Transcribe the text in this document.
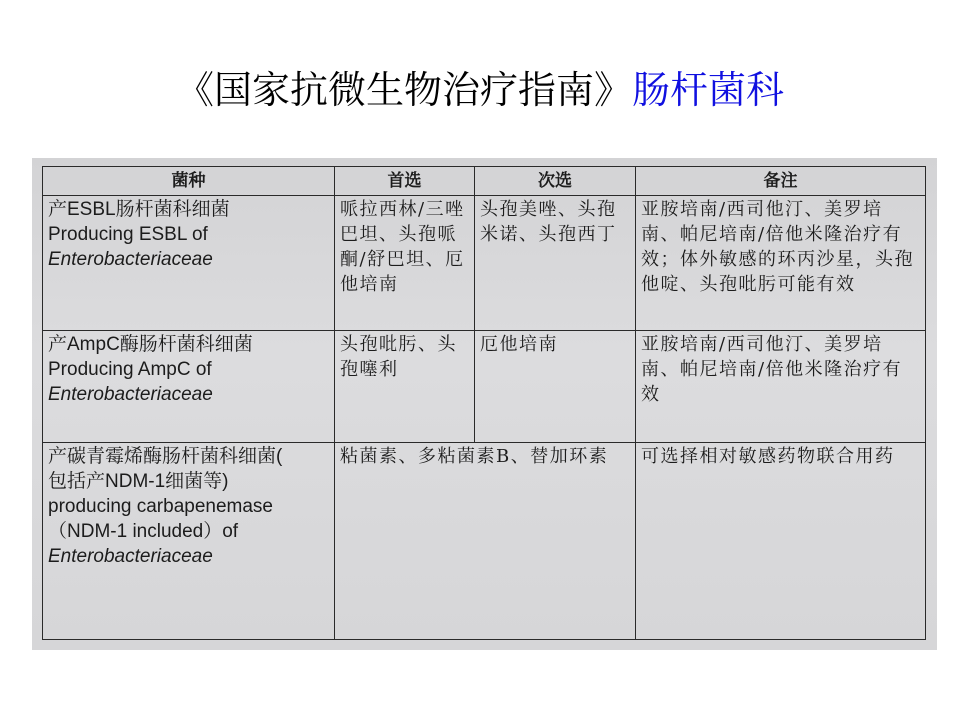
《国家抗微生物治疗指南》肠杆菌科
菌种	首选	次选	备注

产ESBL肠杆菌科细菌
Producing ESBL of
Enterobacteriaceae	哌拉西林/三唑巴坦、头孢哌酮/舒巴坦、厄他培南	头孢美唑、头孢米诺、头孢西丁	亚胺培南/西司他汀、美罗培南、帕尼培南/倍他米隆治疗有效；体外敏感的环丙沙星，头孢他啶、头孢吡肟可能有效

产AmpC酶肠杆菌科细菌
Producing AmpC of
Enterobacteriaceae	头孢吡肟、头孢噻利	厄他培南	亚胺培南/西司他汀、美罗培南、帕尼培南/倍他米隆治疗有效

产碳青霉烯酶肠杆菌科细菌(
包括产NDM-1细菌等)
producing carbapenemase
（NDM-1 included）of
Enterobacteriaceae	粘菌素、多粘菌素B、替加环素		可选择相对敏感药物联合用药
